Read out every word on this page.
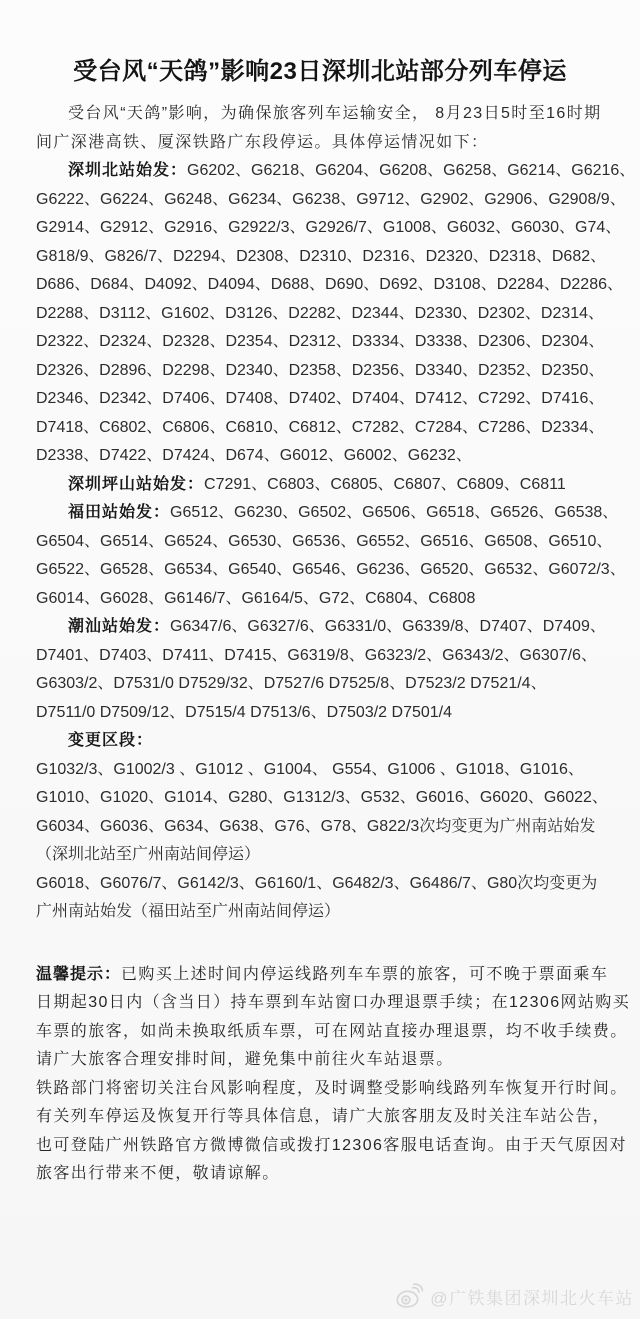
受台风“天鸽”影响23日深圳北站部分列车停运
受台风“天鸽”影响，为确保旅客列车运输安全， 8月23日5时至16时期
间广深港高铁、厦深铁路广东段停运。具体停运情况如下：
深圳北站始发：G6202、G6218、G6204、G6208、G6258、G6214、G6216、
G6222、G6224、G6248、G6234、G6238、G9712、G2902、G2906、G2908/9、
G2914、G2912、G2916、G2922/3、G2926/7、G1008、G6032、G6030、G74、
G818/9、G826/7、D2294、D2308、D2310、D2316、D2320、D2318、D682、
D686、D684、D4092、D4094、D688、D690、D692、D3108、D2284、D2286、
D2288、D3112、G1602、D3126、D2282、D2344、D2330、D2302、D2314、
D2322、D2324、D2328、D2354、D2312、D3334、D3338、D2306、D2304、
D2326、D2896、D2298、D2340、D2358、D2356、D3340、D2352、D2350、
D2346、D2342、D7406、D7408、D7402、D7404、D7412、C7292、D7416、
D7418、C6802、C6806、C6810、C6812、C7282、C7284、C7286、D2334、
D2338、D7422、D7424、D674、G6012、G6002、G6232、
深圳坪山站始发：C7291、C6803、C6805、C6807、C6809、C6811
福田站始发：G6512、G6230、G6502、G6506、G6518、G6526、G6538、
G6504、G6514、G6524、G6530、G6536、G6552、G6516、G6508、G6510、
G6522、G6528、G6534、G6540、G6546、G6236、G6520、G6532、G6072/3、
G6014、G6028、G6146/7、G6164/5、G72、C6804、C6808
潮汕站始发：G6347/6、G6327/6、G6331/0、G6339/8、D7407、D7409、
D7401、D7403、D7411、D7415、G6319/8、G6323/2、G6343/2、G6307/6、
G6303/2、D7531/0 D7529/32、D7527/6 D7525/8、D7523/2 D7521/4、
D7511/0 D7509/12、D7515/4 D7513/6、D7503/2 D7501/4
变更区段：
G1032/3、G1002/3 、G1012 、G1004、 G554、G1006 、G1018、G1016、
G1010、G1020、G1014、G280、G1312/3、G532、G6016、G6020、G6022、
G6034、G6036、G634、G638、G76、G78、G822/3次均变更为广州南站始发
（深圳北站至广州南站间停运）
G6018、G6076/7、G6142/3、G6160/1、G6482/3、G6486/7、G80次均变更为
广州南站始发（福田站至广州南站间停运）
温馨提示：已购买上述时间内停运线路列车车票的旅客，可不晚于票面乘车
日期起30日内（含当日）持车票到车站窗口办理退票手续；在12306网站购买
车票的旅客，如尚未换取纸质车票，可在网站直接办理退票，均不收手续费。
请广大旅客合理安排时间，避免集中前往火车站退票。
铁路部门将密切关注台风影响程度，及时调整受影响线路列车恢复开行时间。
有关列车停运及恢复开行等具体信息，请广大旅客朋友及时关注车站公告，
也可登陆广州铁路官方微博微信或拨打12306客服电话查询。由于天气原因对
旅客出行带来不便，敬请谅解。
@广铁集团深圳北火车站
